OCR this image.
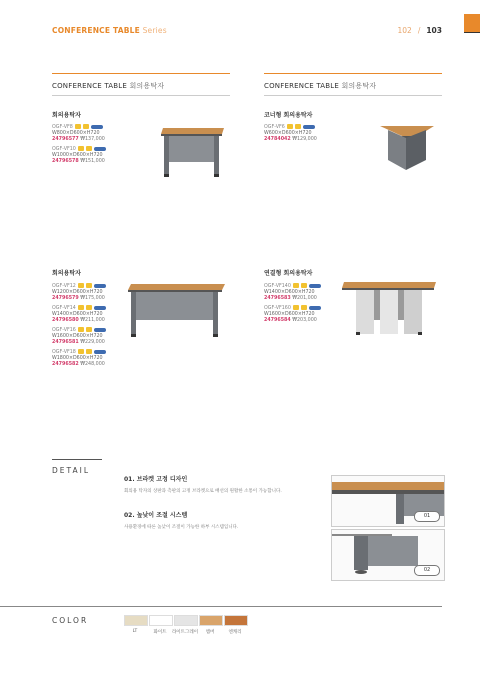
CONFERENCE TABLE Series	102 / 103
CONFERENCE TABLE 회의용탁자	CONFERENCE TABLE 회의용탁자
회의용탁자
OGF-VF8
W800×D600×H720
24796577 ₩137,000
OGF-VF10
W1000×D600×H720
24796578 ₩151,000
코너형 회의용탁자
OGF-VF6
W600×D600×H720
24784042 ₩129,000
회의용탁자
OGF-VF12
W1200×D600×H720
24796579 ₩175,000
OGF-VF14
W1400×D600×H720
24796580 ₩211,000
OGF-VF16
W1600×D600×H720
24796581 ₩229,000
OGF-VF18
W1800×D600×H720
24796582 ₩248,000
연결형 회의용탁자
OGF-VF140
W1400×D600×H720
24796583 ₩201,000
OGF-VF160
W1600×D600×H720
24796584 ₩203,000
DETAIL
01. 브라켓 고정 디자인
회의용 탁자의 상판과 측판의 고정 브라켓으로 배선의 원활한 소통이 가능합니다.
02. 높낮이 조절 시스템
사용환경에 따른 높낮이 조절이 가능한 하부 시스템입니다.
01
02
COLOR
LT	화이트	라이트그레이	앰버	엔캐리
